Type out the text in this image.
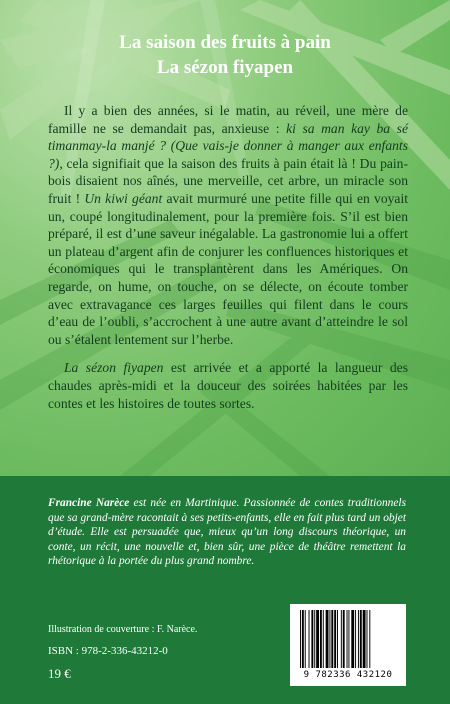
La saison des fruits à pain
La sézon fiyapen

Il y a bien des années, si le matin, au réveil, une mère de famille ne se demandait pas, anxieuse : ki sa man kay ba sé timanmay-la manjé ? (Que vais-je donner à manger aux enfants ?), cela signifiait que la saison des fruits à pain était là ! Du pain-bois disaient nos aînés, une merveille, cet arbre, un miracle son fruit ! Un kiwi géant avait murmuré une petite fille qui en voyait un, coupé longitudinalement, pour la première fois. S’il est bien préparé, il est d’une saveur inégalable. La gastronomie lui a offert un plateau d’argent afin de conjurer les confluences historiques et économiques qui le transplantèrent dans les Amériques. On regarde, on hume, on touche, on se délecte, on écoute tomber avec extravagance ces larges feuilles qui filent dans le cours d’eau de l’oubli, s’accrochent à une autre avant d’atteindre le sol ou s’étalent lentement sur l’herbe.

La sézon fiyapen est arrivée et a apporté la langueur des chaudes après-midi et la douceur des soirées habitées par les contes et les histoires de toutes sortes.

Francine Narèce est née en Martinique. Passionnée de contes traditionnels que sa grand-mère racontait à ses petits-enfants, elle en fait plus tard un objet d’étude. Elle est persuadée que, mieux qu’un long discours théorique, un conte, un récit, une nouvelle et, bien sûr, une pièce de théâtre remettent la rhétorique à la portée du plus grand nombre.
Illustration de couverture : F. Narèce.
ISBN : 978-2-336-43212-0
19 €	9 782336 432120
